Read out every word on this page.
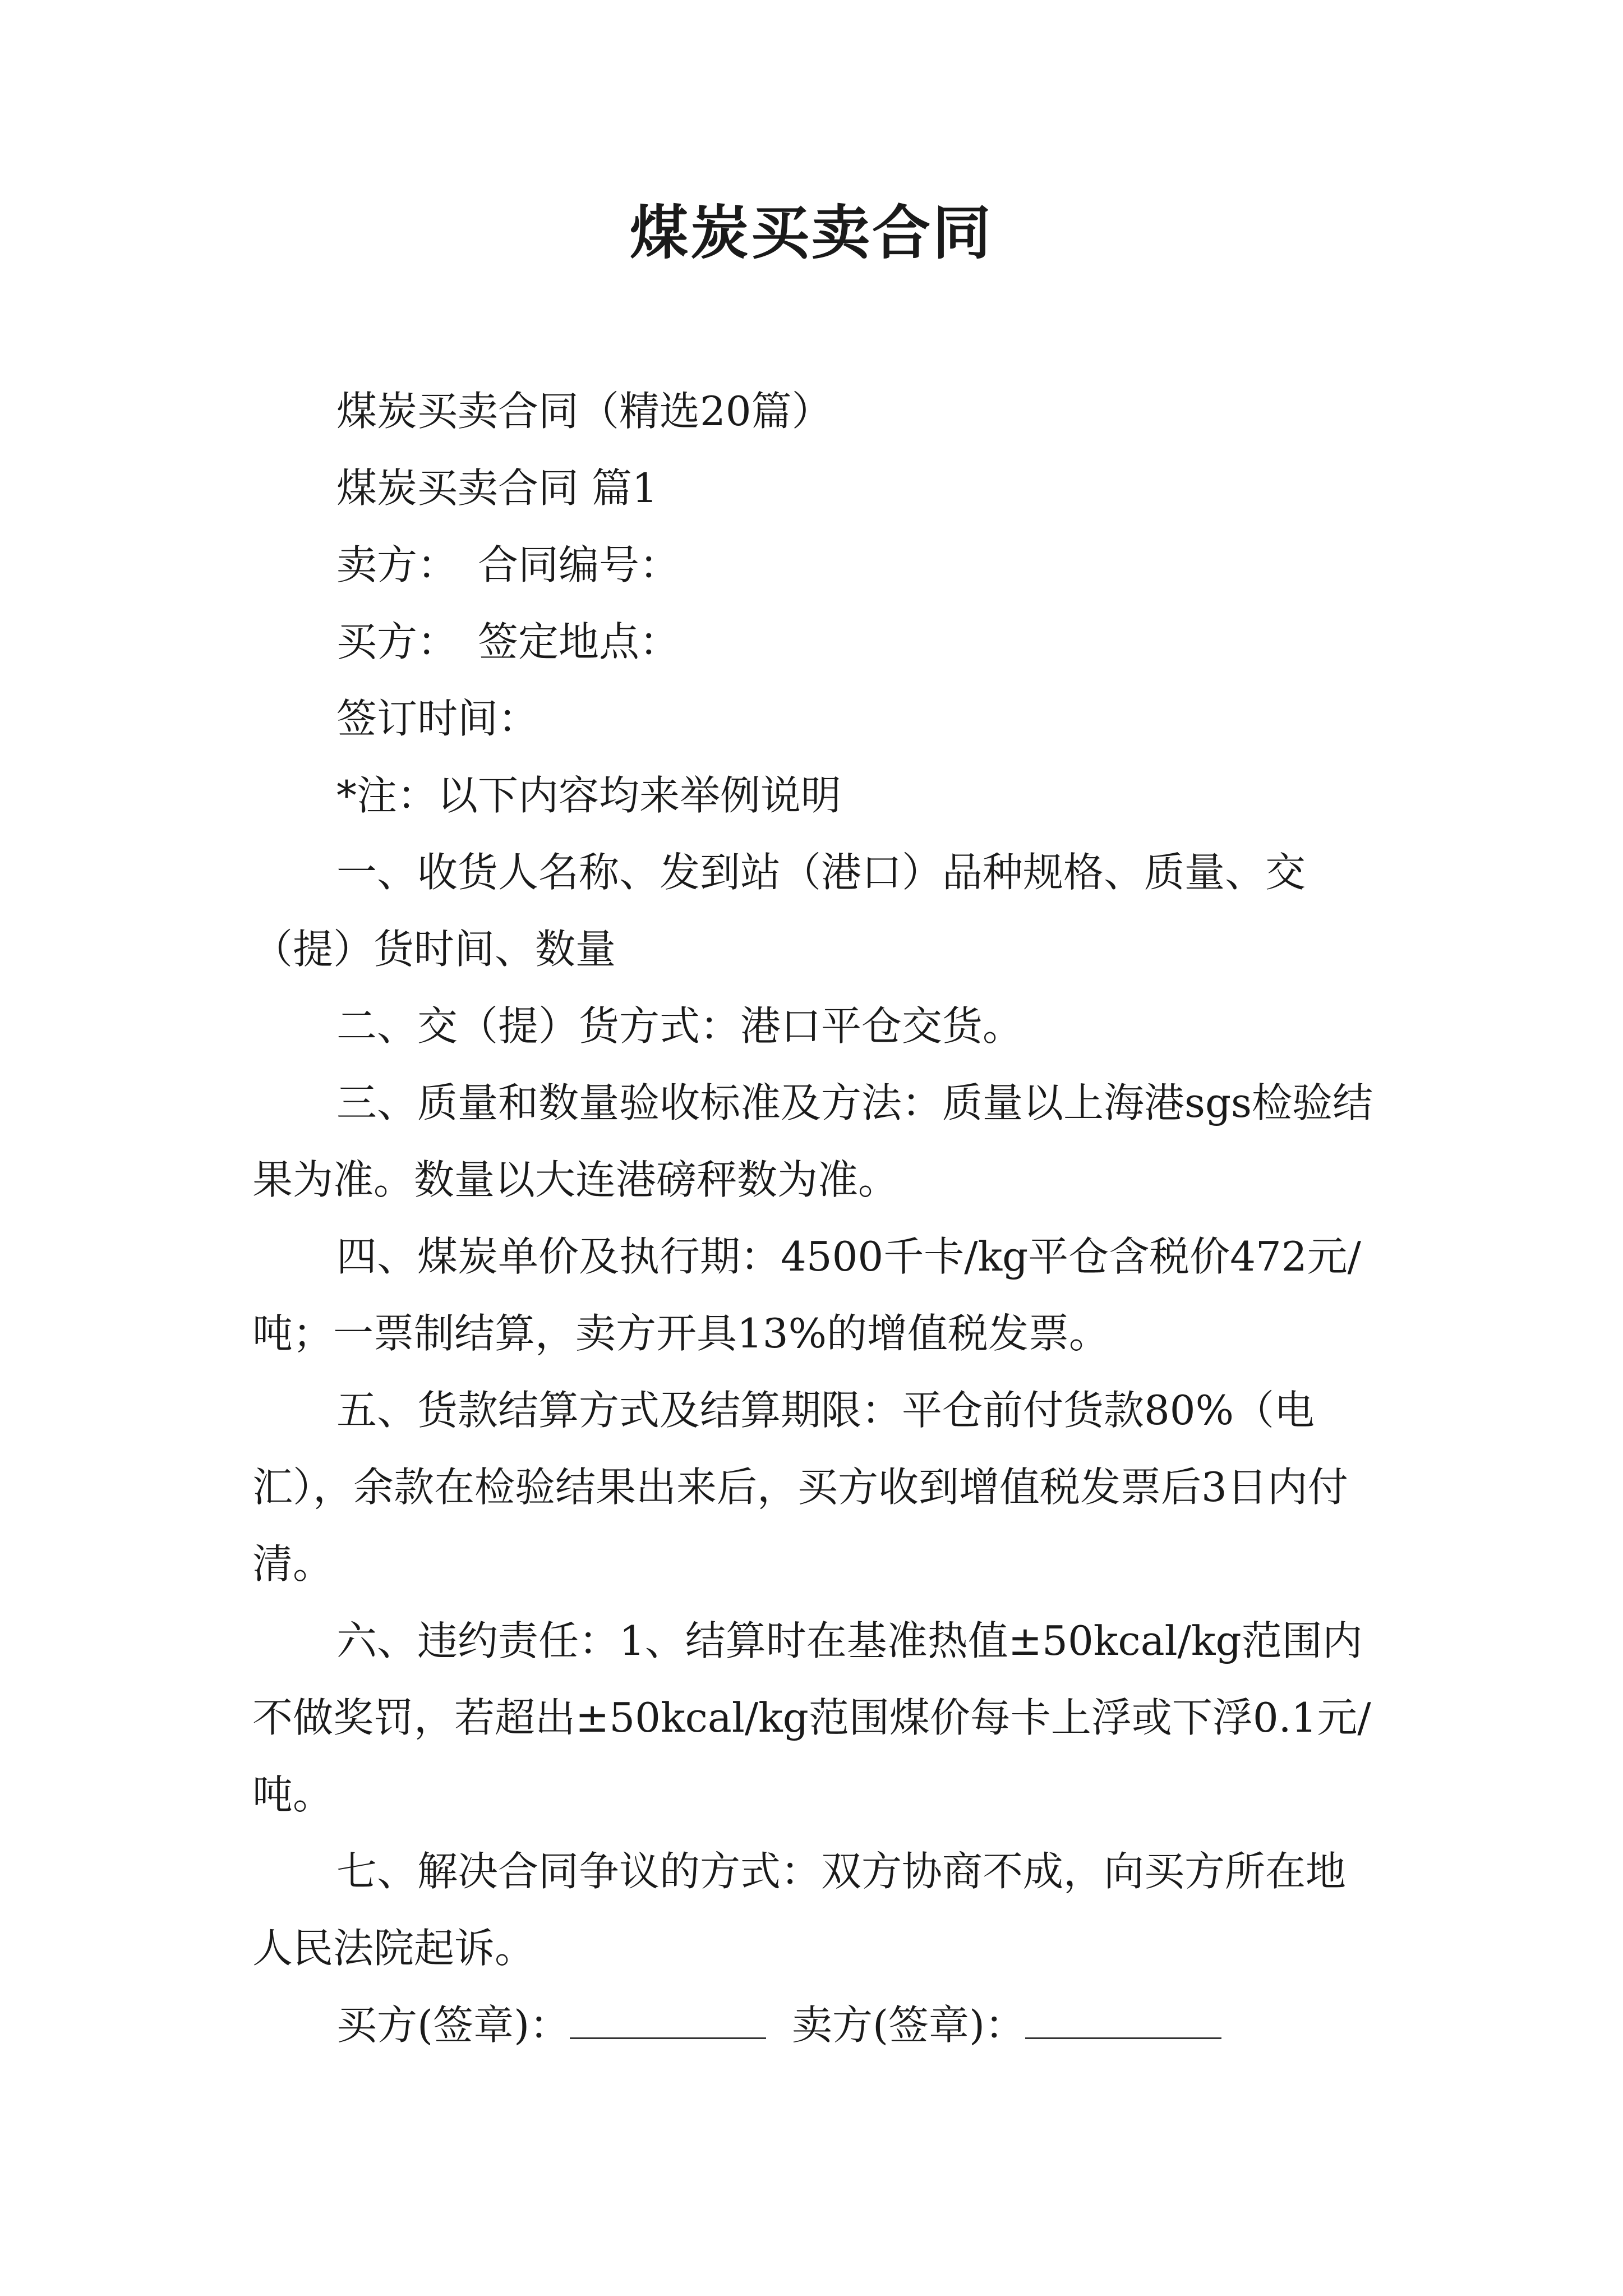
煤炭买卖合同

煤炭买卖合同（精选20篇）

煤炭买卖合同 篇1

卖方：　合同编号：

买方：　签定地点：

签订时间：

*注：以下内容均来举例说明

一、收货人名称、发到站（港口）品种规格、质量、交（提）货时间、数量

二、交（提）货方式：港口平仓交货。

三、质量和数量验收标准及方法：质量以上海港sgs检验结果为准。数量以大连港磅秤数为准。

四、煤炭单价及执行期：4500千卡/kg平仓含税价472元/吨；一票制结算，卖方开具13%的增值税发票。

五、货款结算方式及结算期限：平仓前付货款80%（电汇），余款在检验结果出来后，买方收到增值税发票后3日内付清。

六、违约责任：1、结算时在基准热值±50kcal/kg范围内不做奖罚，若超出±50kcal/kg范围煤价每卡上浮或下浮0.1元/吨。

七、解决合同争议的方式：双方协商不成，向买方所在地人民法院起诉。

买方(签章)：	卖方(签章)：
